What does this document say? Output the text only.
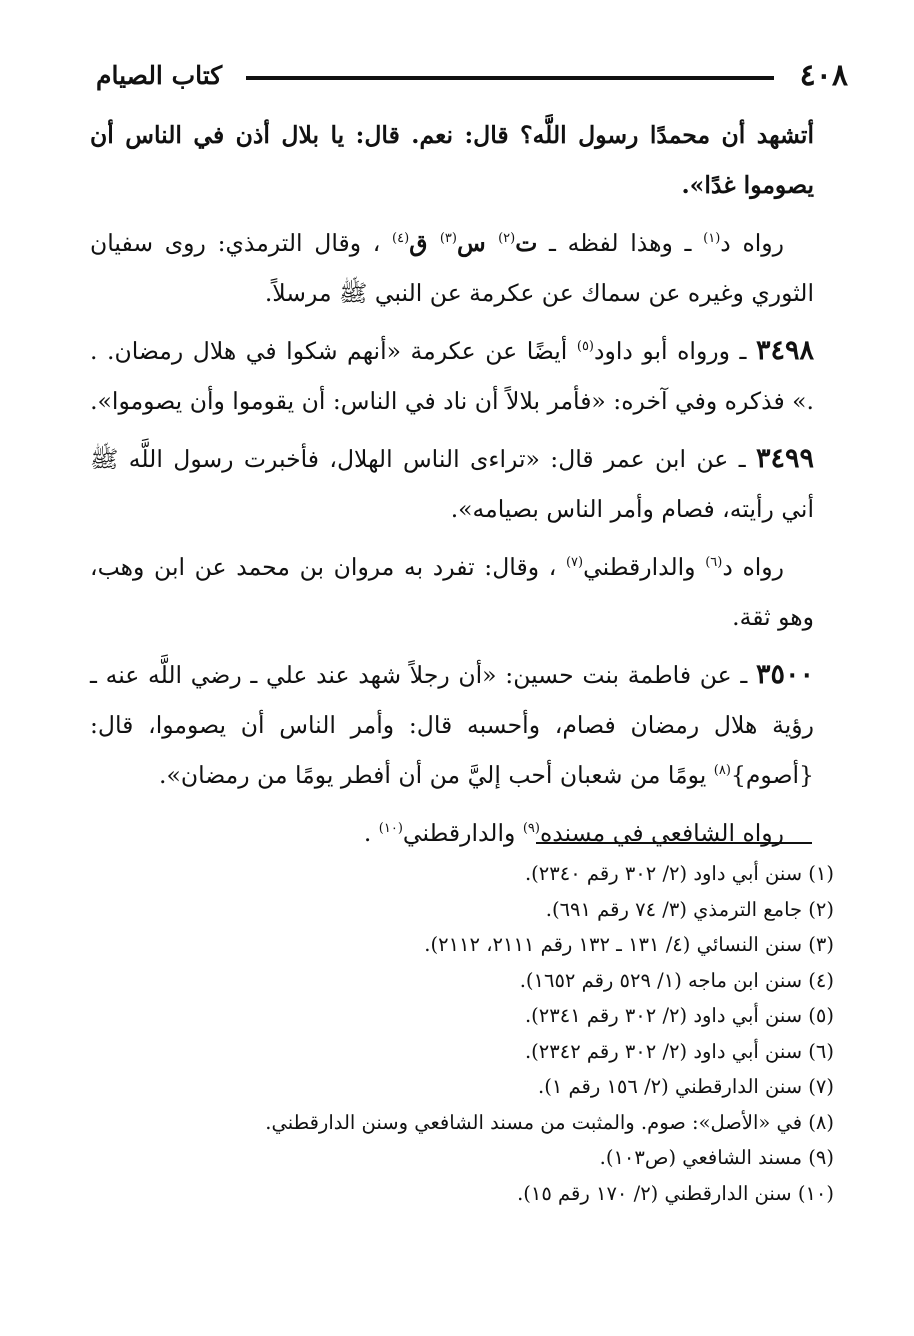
٤٠٨
كتاب الصيام

أتشهد أن محمدًا رسول اللَّه؟ قال: نعم. قال: يا بلال أذن في الناس أن يصوموا غدًا».

رواه د$^{(١)}$ ـ وهذا لفظه ـ ت$^{(٢)}$ س$^{(٣)}$ ق$^{(٤)}$ ، وقال الترمذي: روى سفيان الثوري وغيره عن سماك عن عكرمة عن النبي ﷺ مرسلاً.

٣٤٩٨ ـ ورواه أبو داود$^{(٥)}$ أيضًا عن عكرمة «أنهم شكوا في هلال رمضان. . .» فذكره وفي آخره: «فأمر بلالاً أن ناد في الناس: أن يقوموا وأن يصوموا».

٣٤٩٩ ـ عن ابن عمر قال: «تراءى الناس الهلال، فأخبرت رسول اللَّه ﷺ أني رأيته، فصام وأمر الناس بصيامه».

رواه د$^{(٦)}$ والدارقطني$^{(٧)}$ ، وقال: تفرد به مروان بن محمد عن ابن وهب، وهو ثقة.

٣٥٠٠ ـ عن فاطمة بنت حسين: «أن رجلاً شهد عند علي ـ رضي اللَّه عنه ـ رؤية هلال رمضان فصام، وأحسبه قال: وأمر الناس أن يصوموا، قال: {أصوم}$^{(٨)}$ يومًا من شعبان أحب إليَّ من أن أفطر يومًا من رمضان».

رواه الشافعي في مسنده$^{(٩)}$ والدارقطني$^{(١٠)}$ .

(١) سنن أبي داود (٢/ ٣٠٢ رقم ٢٣٤٠).
(٢) جامع الترمذي (٣/ ٧٤ رقم ٦٩١).
(٣) سنن النسائي (٤/ ١٣١ ـ ١٣٢ رقم ٢١١١، ٢١١٢).
(٤) سنن ابن ماجه (١/ ٥٢٩ رقم ١٦٥٢).
(٥) سنن أبي داود (٢/ ٣٠٢ رقم ٢٣٤١).
(٦) سنن أبي داود (٢/ ٣٠٢ رقم ٢٣٤٢).
(٧) سنن الدارقطني (٢/ ١٥٦ رقم ١).
(٨) في «الأصل»: صوم. والمثبت من مسند الشافعي وسنن الدارقطني.
(٩) مسند الشافعي (ص١٠٣).
(١٠) سنن الدارقطني (٢/ ١٧٠ رقم ١٥).
